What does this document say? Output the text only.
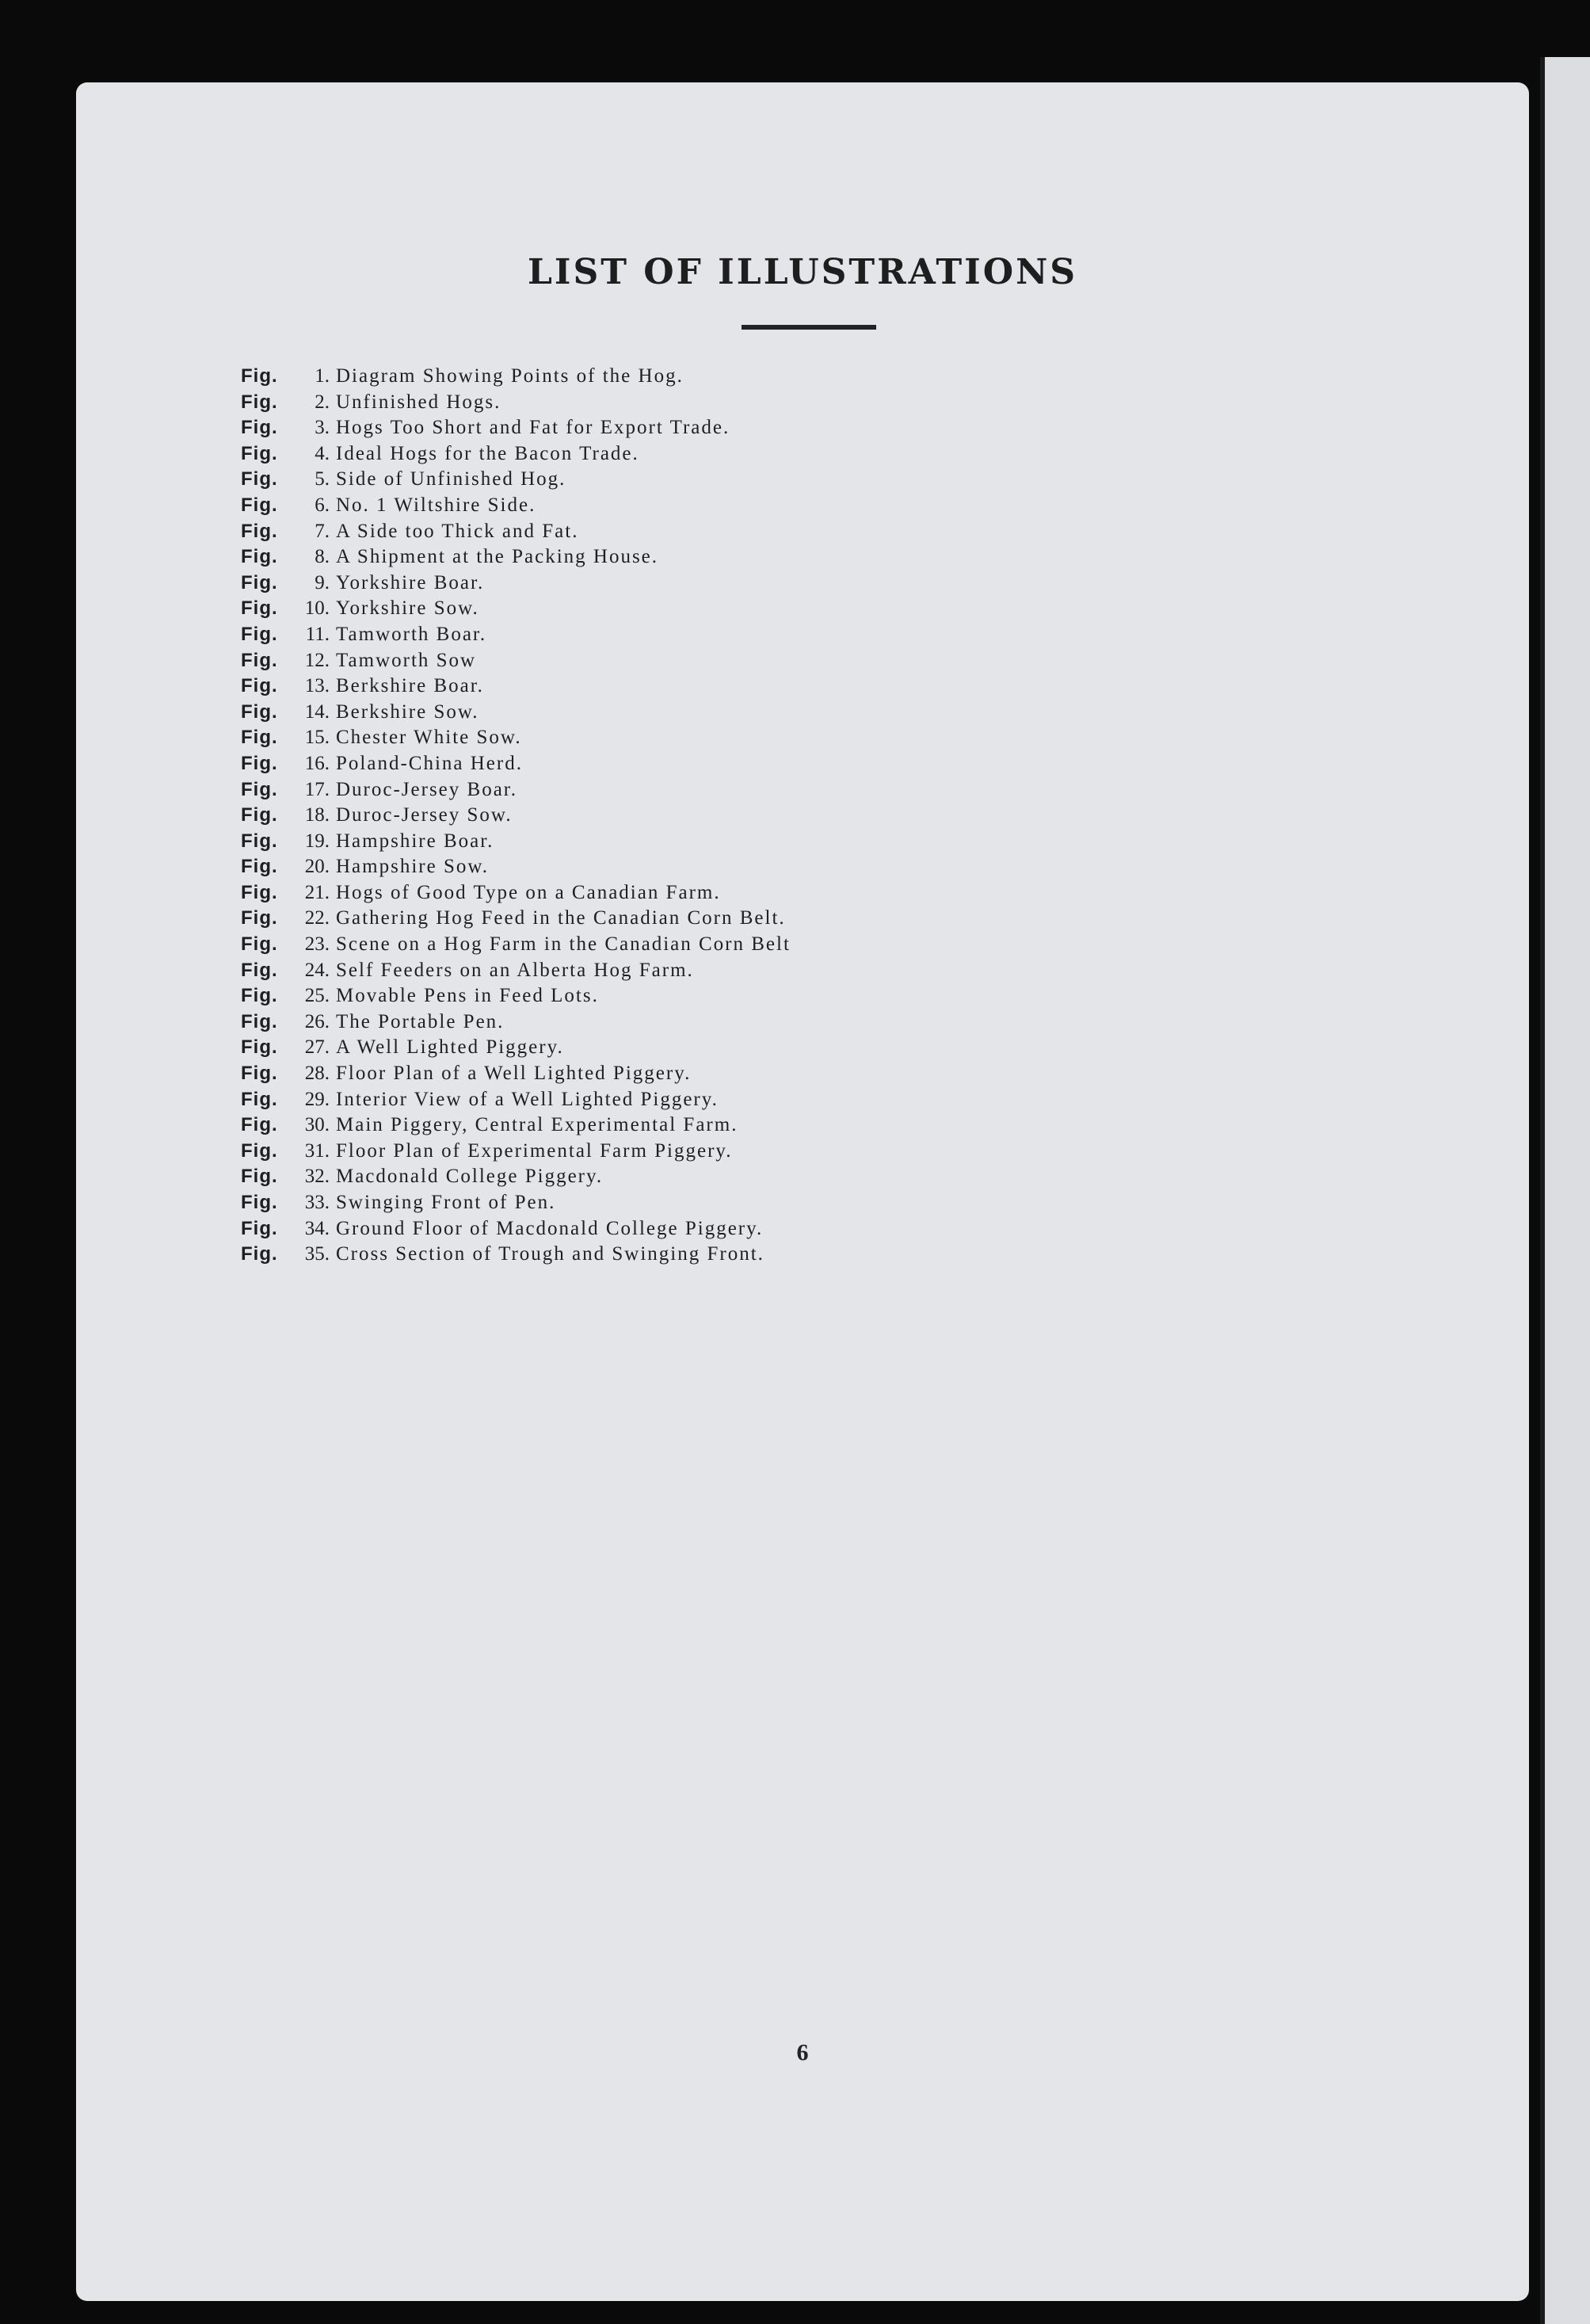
LIST OF ILLUSTRATIONS
Fig. 1. Diagram Showing Points of the Hog.
Fig. 2. Unfinished Hogs.
Fig. 3. Hogs Too Short and Fat for Export Trade.
Fig. 4. Ideal Hogs for the Bacon Trade.
Fig. 5. Side of Unfinished Hog.
Fig. 6. No. 1 Wiltshire Side.
Fig. 7. A Side too Thick and Fat.
Fig. 8. A Shipment at the Packing House.
Fig. 9. Yorkshire Boar.
Fig. 10. Yorkshire Sow.
Fig. 11. Tamworth Boar.
Fig. 12. Tamworth Sow
Fig. 13. Berkshire Boar.
Fig. 14. Berkshire Sow.
Fig. 15. Chester White Sow.
Fig. 16. Poland-China Herd.
Fig. 17. Duroc-Jersey Boar.
Fig. 18. Duroc-Jersey Sow.
Fig. 19. Hampshire Boar.
Fig. 20. Hampshire Sow.
Fig. 21. Hogs of Good Type on a Canadian Farm.
Fig. 22. Gathering Hog Feed in the Canadian Corn Belt.
Fig. 23. Scene on a Hog Farm in the Canadian Corn Belt
Fig. 24. Self Feeders on an Alberta Hog Farm.
Fig. 25. Movable Pens in Feed Lots.
Fig. 26. The Portable Pen.
Fig. 27. A Well Lighted Piggery.
Fig. 28. Floor Plan of a Well Lighted Piggery.
Fig. 29. Interior View of a Well Lighted Piggery.
Fig. 30. Main Piggery, Central Experimental Farm.
Fig. 31. Floor Plan of Experimental Farm Piggery.
Fig. 32. Macdonald College Piggery.
Fig. 33. Swinging Front of Pen.
Fig. 34. Ground Floor of Macdonald College Piggery.
Fig. 35. Cross Section of Trough and Swinging Front.
6
